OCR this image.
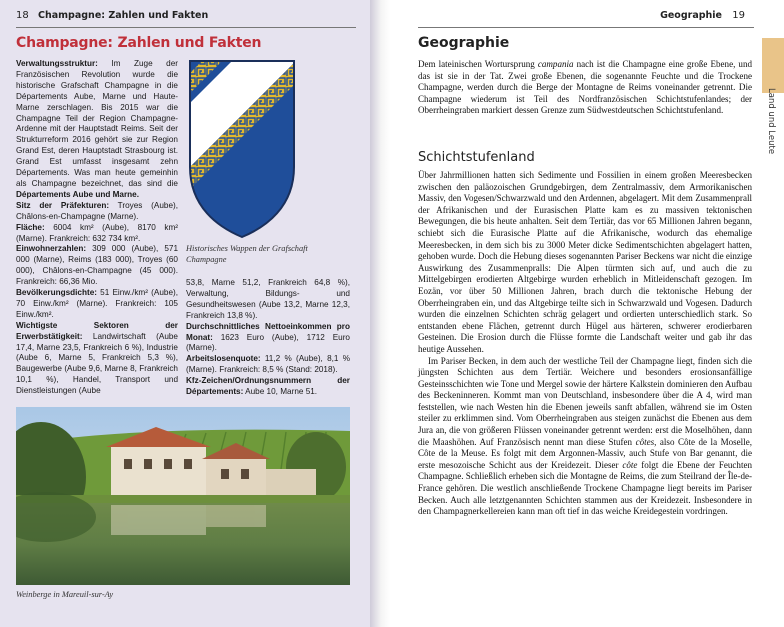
18 Champagne: Zahlen und Fakten
Champagne: Zahlen und Fakten
Verwaltungsstruktur: Im Zuge der Französischen Revolution wurde die historische Grafschaft Champagne in die Départements Aube, Marne und Haute-Marne zerschlagen. Bis 2015 war die Champagne Teil der Region Champagne-Ardenne mit der Hauptstadt Reims. Seit der Strukturreform 2016 gehört sie zur Region Grand Est, deren Hauptstadt Strasbourg ist. Grand Est umfasst insgesamt zehn Départements. Was man heute gemeinhin als Champagne bezeichnet, das sind die Départements Aube und Marne.
Sitz der Präfekturen: Troyes (Aube), Châlons-en-Champagne (Marne).
Fläche: 6004 km² (Aube), 8170 km² (Marne). Frankreich: 632 734 km².
Einwohnerzahlen: 309 000 (Aube), 571 000 (Marne), Reims (183 000), Troyes (60 000), Châlons-en-Champagne (45 000). Frankreich: 66,36 Mio.
Bevölkerungsdichte: 51 Einw./km² (Aube), 70 Einw./km² (Marne). Frankreich: 105 Einw./km².
Wichtigste Sektoren der Erwerbstätigkeit: Landwirtschaft (Aube 17,4, Marne 23,5, Frankreich 6 %), Industrie (Aube 6, Marne 5, Frankreich 5,3 %), Baugewerbe (Aube 9,6, Marne 8, Frankreich 10,1 %), Handel, Transport und Dienstleistungen (Aube
Historisches Wappen der Grafschaft Champagne
53,8, Marne 51,2, Frankreich 64,8 %), Verwaltung, Bildungs- und Gesundheitswesen (Aube 13,2, Marne 12,3, Frankreich 13,8 %).
Durchschnittliches Nettoeinkommen pro Monat: 1623 Euro (Aube), 1712 Euro (Marne).
Arbeitslosenquote: 11,2 % (Aube), 8,1 % (Marne). Frankreich: 8,5 % (Stand: 2018).
Kfz-Zeichen/Ordnungsnummern der Départements: Aube 10, Marne 51.
Weinberge in Mareuil-sur-Ay
Geographie 19
Land und Leute
Geographie
Dem lateinischen Wortursprung campania nach ist die Champagne eine große Ebene, und das ist sie in der Tat. Zwei große Ebenen, die sogenannte Feuchte und die Trockene Champagne, werden durch die Berge der Montagne de Reims voneinander getrennt. Die Champagne wiederum ist Teil des Nordfranzösischen Schichtstufenlandes; der Oberrheingraben markiert dessen Grenze zum Südwestdeutschen Schichtstufenland.
Schichtstufenland

Über Jahrmillionen hatten sich Sedimente und Fossilien in einem großen Meeresbecken zwischen den paläozoischen Grundgebirgen, dem Zentralmassiv, dem Armorikanischen Massiv, den Vogesen/Schwarzwald und den Ardennen, abgelagert. Mit dem Zusammenprall der Afrikanischen und der Eurasischen Platte kam es zu massiven tektonischen Bewegungen, die bis heute anhalten. Seit dem Tertiär, das vor 65 Millionen Jahren begann, schiebt sich die Eurasische Platte auf die Afrikanische, wodurch das ehemalige Meeresbecken, in dem sich bis zu 3000 Meter dicke Sedimentschichten abgelagert hatten, gehoben wurde. Doch die Hebung dieses sogenannten Pariser Beckens war nicht die einzige Auswirkung des Zusammenpralls: Die Alpen türmten sich auf, und auch die zu Mittelgebirgen erodierten Altgebirge wurden erheblich in Mitleidenschaft gezogen. Im Eozän, vor über 50 Millionen Jahren, brach durch die tektonische Hebung der Oberrheingraben ein, und das Altgebirge teilte sich in Schwarzwald und Vogesen. Dadurch wurden die einzelnen Schichten schräg gelagert und ordierten unterschiedlich stark. So entstanden ebene Flächen, getrennt durch Hügel aus härteren, schwerer erodierbaren Gesteinen. Die Erosion durch die Flüsse formte die Landschaft weiter und gab ihr das heutige Aussehen.

Im Pariser Becken, in dem auch der westliche Teil der Champagne liegt, finden sich die jüngsten Schichten aus dem Tertiär. Weichere und besonders erosionsanfällige Gesteinsschichten wie Tone und Mergel sowie der härtere Kalkstein dominieren den Aufbau des Beckeninneren. Kommt man von Deutschland, insbesondere über die A 4, wird man feststellen, wie nach Westen hin die Ebenen jeweils sanft abfallen, während sie im Osten steiler zu erklimmen sind. Vom Oberrheingraben aus steigen zunächst die Ebenen aus dem Jura an, die von größeren Flüssen voneinander getrennt werden: erst die Moselhöhen, dann die Maashöhen. Auf Französisch nennt man diese Stufen côtes, also Côte de la Moselle, Côte de la Meuse. Es folgt mit dem Argonnen-Massiv, auch Stufe von Bar genannt, die erste mesozoische Schicht aus der Kreidezeit. Dieser côte folgt die Ebene der Feuchten Champagne. Schließlich erheben sich die Montagne de Reims, die zum Steilrand der Île-de-France gehören. Die westlich anschließende Trockene Champagne liegt bereits im Pariser Becken. Auch alle letztgenannten Schichten stammen aus der Kreidezeit. Insbesondere in den Champagnerkellereien kann man oft tief in das weiche Kreidegestein vordringen.
